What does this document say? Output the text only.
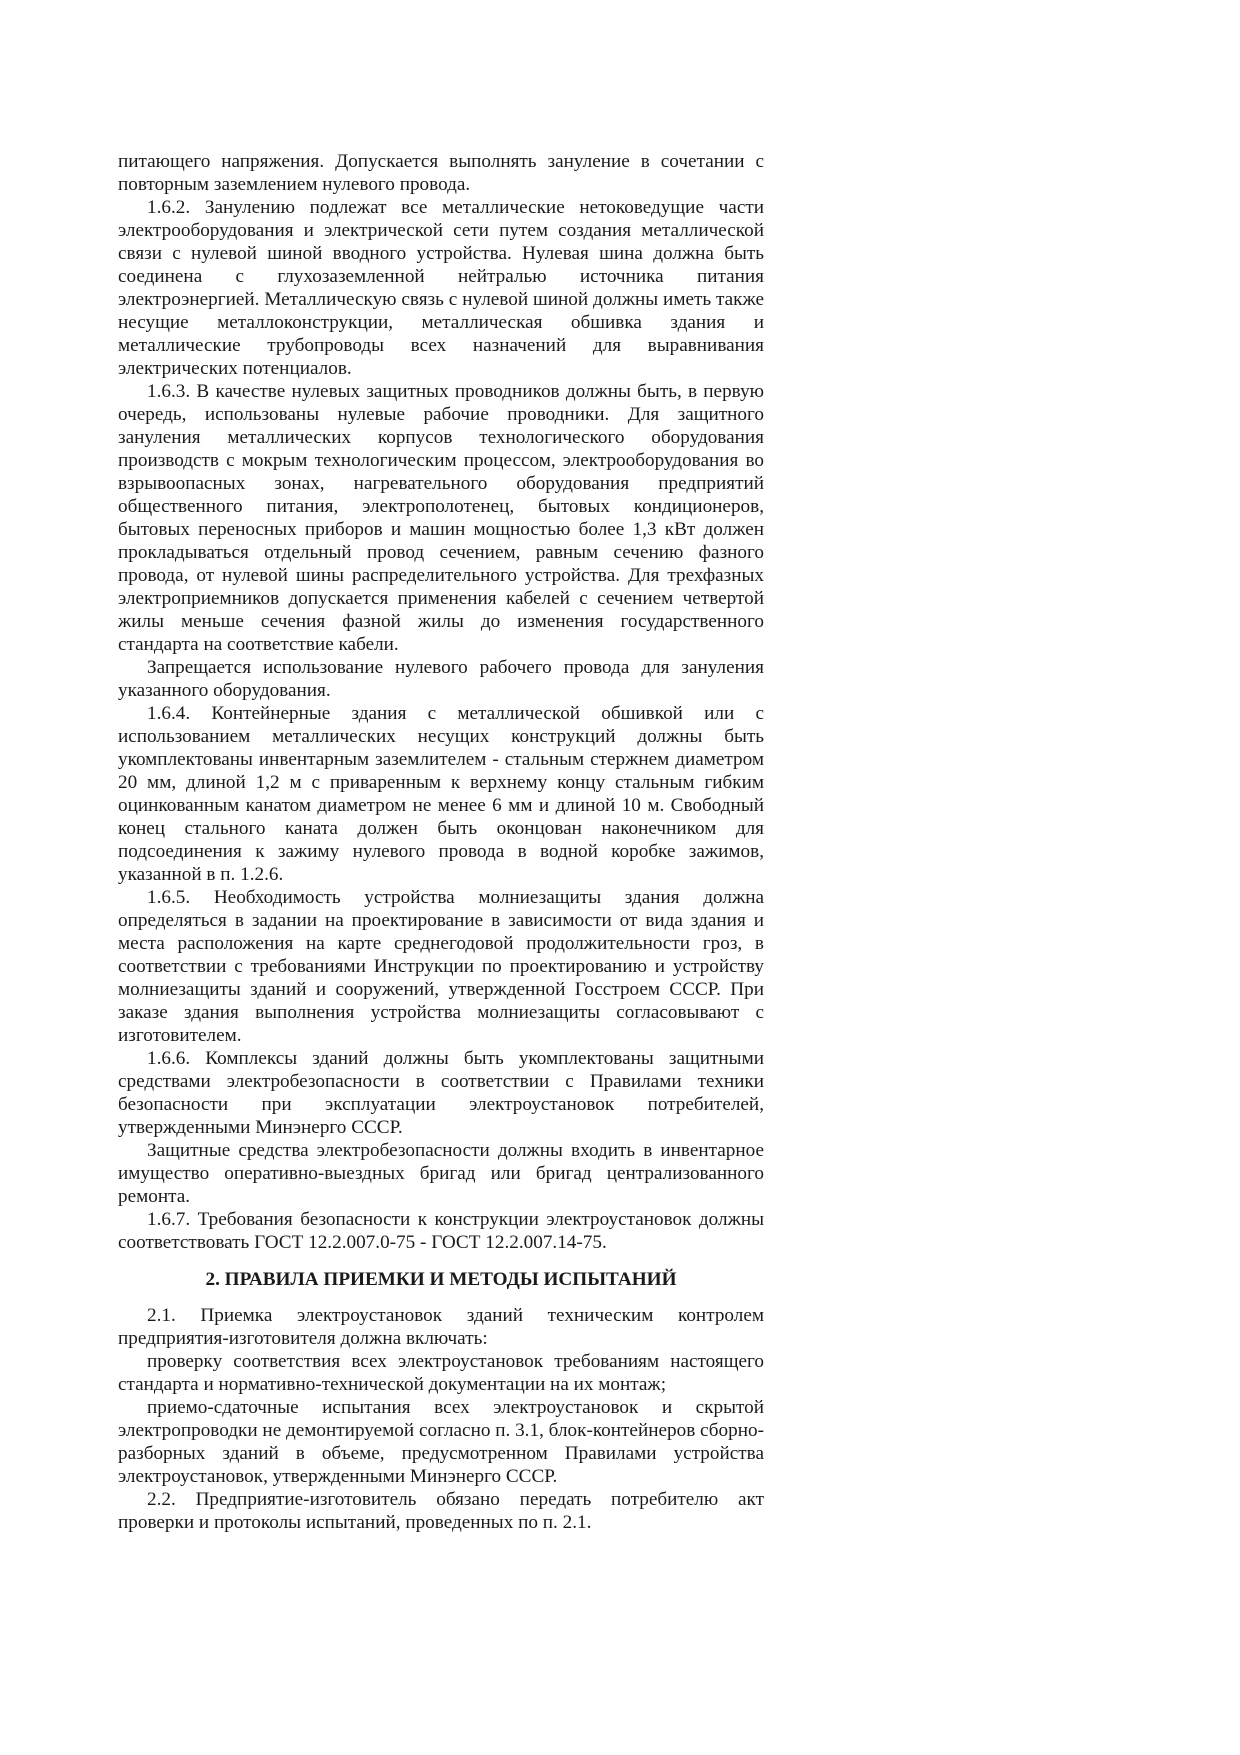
питающего напряжения. Допускается выполнять зануление в сочетании с повторным заземлением нулевого провода.

1.6.2. Занулению подлежат все металлические нетоковедущие части электрооборудования и электрической сети путем создания металлической связи с нулевой шиной вводного устройства. Нулевая шина должна быть соединена с глухозаземленной нейтралью источника питания электроэнергией. Металлическую связь с нулевой шиной должны иметь также несущие металлоконструкции, металлическая обшивка здания и металлические трубопроводы всех назначений для выравнивания электрических потенциалов.

1.6.3. В качестве нулевых защитных проводников должны быть, в первую очередь, использованы нулевые рабочие проводники. Для защитного зануления металлических корпусов технологического оборудования производств с мокрым технологическим процессом, электрооборудования во взрывоопасных зонах, нагревательного оборудования предприятий общественного питания, электрополотенец, бытовых кондиционеров, бытовых переносных приборов и машин мощностью более 1,3 кВт должен прокладываться отдельный провод сечением, равным сечению фазного провода, от нулевой шины распределительного устройства. Для трехфазных электроприемников допускается применения кабелей с сечением четвертой жилы меньше сечения фазной жилы до изменения государственного стандарта на соответствие кабели.

Запрещается использование нулевого рабочего провода для зануления указанного оборудования.

1.6.4. Контейнерные здания с металлической обшивкой или с использованием металлических несущих конструкций должны быть укомплектованы инвентарным заземлителем - стальным стержнем диаметром 20 мм, длиной 1,2 м с приваренным к верхнему концу стальным гибким оцинкованным канатом диаметром не менее 6 мм и длиной 10 м. Свободный конец стального каната должен быть оконцован наконечником для подсоединения к зажиму нулевого провода в водной коробке зажимов, указанной в п. 1.2.6.

1.6.5. Необходимость устройства молниезащиты здания должна определяться в задании на проектирование в зависимости от вида здания и места расположения на карте среднегодовой продолжительности гроз, в соответствии с требованиями Инструкции по проектированию и устройству молниезащиты зданий и сооружений, утвержденной Госстроем СССР. При заказе здания выполнения устройства молниезащиты согласовывают с изготовителем.

1.6.6. Комплексы зданий должны быть укомплектованы защитными средствами электробезопасности в соответствии с Правилами техники безопасности при эксплуатации электроустановок потребителей, утвержденными Минэнерго СССР.

Защитные средства электробезопасности должны входить в инвентарное имущество оперативно-выездных бригад или бригад централизованного ремонта.

1.6.7. Требования безопасности к конструкции электроустановок должны соответствовать ГОСТ 12.2.007.0-75 - ГОСТ 12.2.007.14-75.

2. ПРАВИЛА ПРИЕМКИ И МЕТОДЫ ИСПЫТАНИЙ

2.1. Приемка электроустановок зданий техническим контролем предприятия-изготовителя должна включать:

проверку соответствия всех электроустановок требованиям настоящего стандарта и нормативно-технической документации на их монтаж;

приемо-сдаточные испытания всех электроустановок и скрытой электропроводки не демонтируемой согласно п. 3.1, блок-контейнеров сборно-разборных зданий в объеме, предусмотренном Правилами устройства электроустановок, утвержденными Минэнерго СССР.

2.2. Предприятие-изготовитель обязано передать потребителю акт проверки и протоколы испытаний, проведенных по п. 2.1.
